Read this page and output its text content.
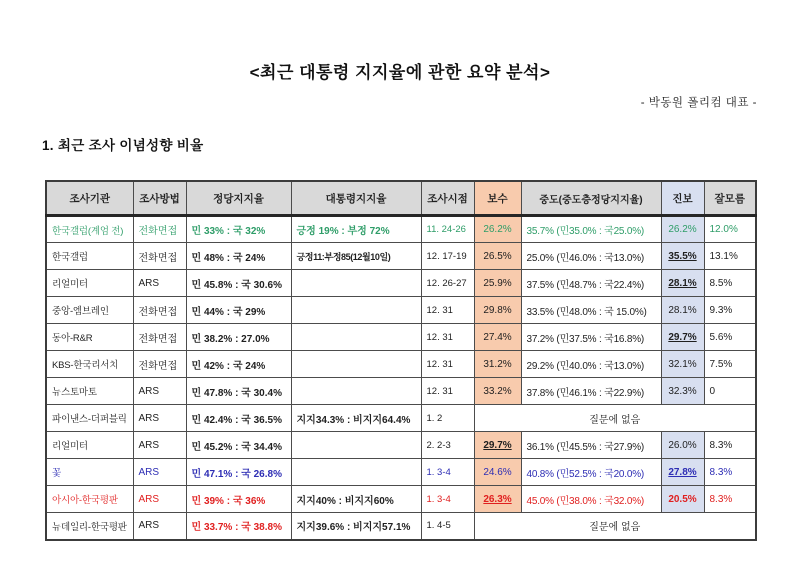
<최근 대통령 지지율에 관한 요약 분석>
- 박동원 폴리컴 대표 -
1. 최근 조사 이념성향 비율
조사기관	조사방법	정당지지율	대통령지지율	조사시점	보수	중도(중도층정당지지율)	진보	잘모름
한국갤럽(계엄 전)	전화면접	민 33% : 국 32%	긍정 19% : 부정 72%	11. 24-26	26.2%	35.7% (민35.0% : 국25.0%)	26.2%	12.0%
한국갤럽	전화면접	민 48% : 국 24%	긍정11:부정85(12월10일)	12. 17-19	26.5%	25.0% (민46.0% : 국13.0%)	35.5%	13.1%
리얼미터	ARS	민 45.8% : 국 30.6%		12. 26-27	25.9%	37.5% (민48.7% : 국22.4%)	28.1%	8.5%
중앙-엠브레인	전화면접	민 44% : 국 29%		12. 31	29.8%	33.5% (민48.0% : 국 15.0%)	28.1%	9.3%
동아-R&R	전화면접	민 38.2% : 27.0%		12. 31	27.4%	37.2% (민37.5% : 국16.8%)	29.7%	5.6%
KBS-한국리서치	전화면접	민 42% : 국 24%		12. 31	31.2%	29.2% (민40.0% : 국13.0%)	32.1%	7.5%
뉴스토마토	ARS	민 47.8% : 국 30.4%		12. 31	33.2%	37.8% (민46.1% : 국22.9%)	32.3%	0
파이낸스-더퍼블릭	ARS	민 42.4% : 국 36.5%	지지34.3% : 비지지64.4%	1. 2	질문에 없음			
리얼미터	ARS	민 45.2% : 국 34.4%		2. 2-3	29.7%	36.1% (민45.5% : 국27.9%)	26.0%	8.3%
꽃	ARS	민 47.1% : 국 26.8%		1. 3-4	24.6%	40.8% (민52.5% : 국20.0%)	27.8%	8.3%
아시아-한국평판	ARS	민 39% : 국 36%	지지40% : 비지지60%	1. 3-4	26.3%	45.0% (민38.0% : 국32.0%)	20.5%	8.3%
뉴데일리-한국평판	ARS	민 33.7% : 국 38.8%	지지39.6% : 비지지57.1%	1. 4-5	질문에 없음			
